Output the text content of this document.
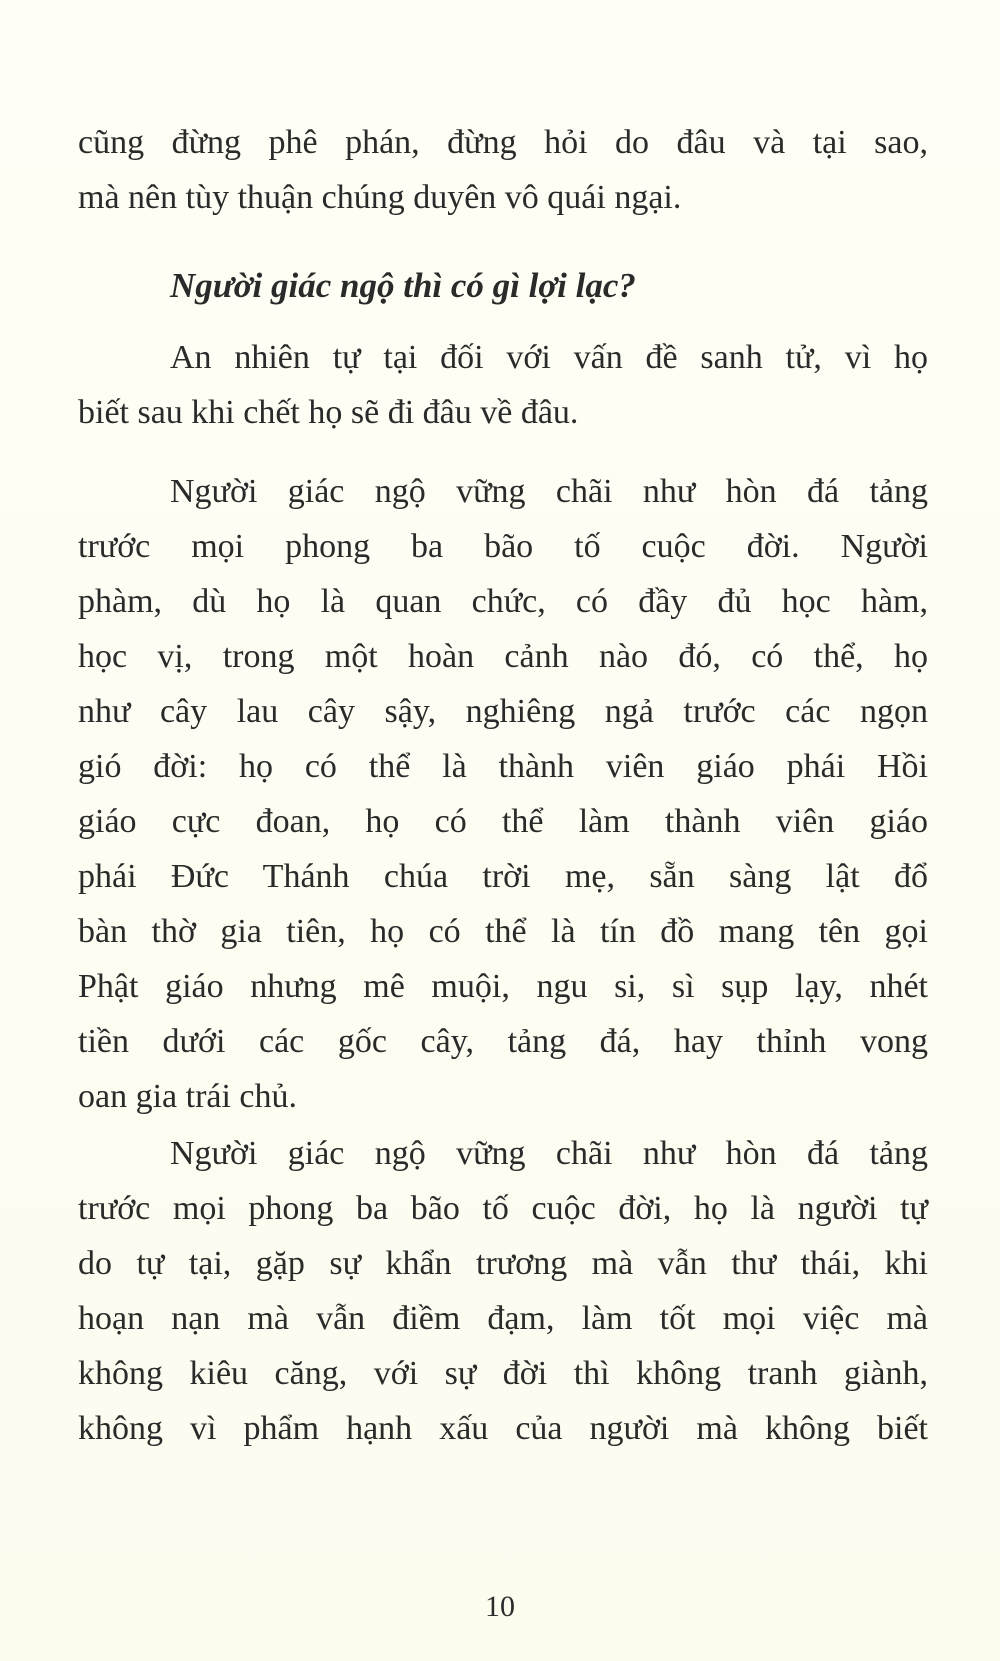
cũng đừng phê phán, đừng hỏi do đâu và tại sao,
mà nên tùy thuận chúng duyên vô quái ngại.
Người giác ngộ thì có gì lợi lạc?
An nhiên tự tại đối với vấn đề sanh tử, vì họ
biết sau khi chết họ sẽ đi đâu về đâu.
Người giác ngộ vững chãi như hòn đá tảng
trước mọi phong ba bão tố cuộc đời. Người
phàm, dù họ là quan chức, có đầy đủ học hàm,
học vị, trong một hoàn cảnh nào đó, có thể, họ
như cây lau cây sậy, nghiêng ngả trước các ngọn
gió đời: họ có thể là thành viên giáo phái Hồi
giáo cực đoan, họ có thể làm thành viên giáo
phái Đức Thánh chúa trời mẹ, sẵn sàng lật đổ
bàn thờ gia tiên, họ có thể là tín đồ mang tên gọi
Phật giáo nhưng mê muội, ngu si, sì sụp lạy, nhét
tiền dưới các gốc cây, tảng đá, hay thỉnh vong
oan gia trái chủ.
Người giác ngộ vững chãi như hòn đá tảng
trước mọi phong ba bão tố cuộc đời, họ là người tự
do tự tại, gặp sự khẩn trương mà vẫn thư thái, khi
hoạn nạn mà vẫn điềm đạm, làm tốt mọi việc mà
không kiêu căng, với sự đời thì không tranh giành,
không vì phẩm hạnh xấu của người mà không biết
10
